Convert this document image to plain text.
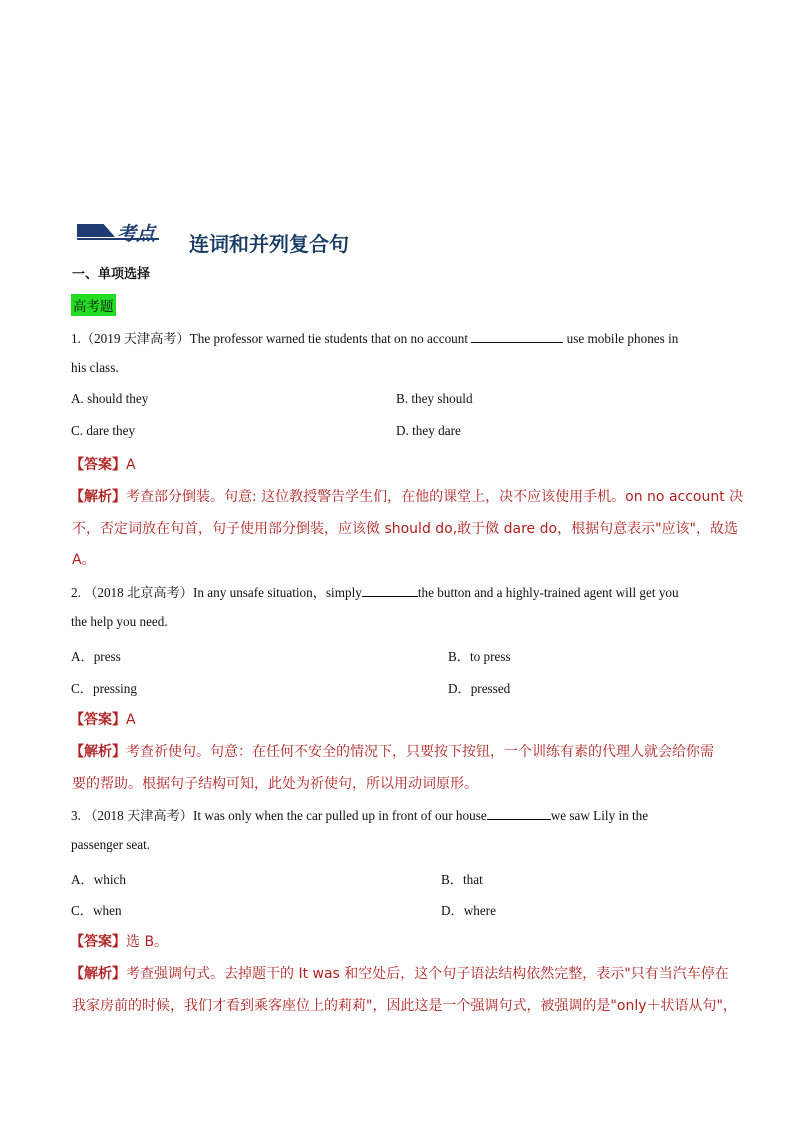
考点 连词和并列复合句
一、单项选择
高考题
1.（2019 天津高考）The professor warned tie students that on no account	use mobile phones in
his class.
A. should they	B. they should
C. dare they	D. they dare
【答案】A
【解析】考查部分倒装。句意: 这位教授警告学生们，在他的课堂上，决不应该使用手机。on no account 决
不，否定词放在句首，句子使用部分倒装，应该傚 should do,敢于傚 dare do，根据句意表示"应该"，故选
A。
2. （2018 北京高考）In any unsafe situation，simply	the button and a highly-trained agent will get you
the help you need.
A．press	B．to press
C．pressing	D．pressed
【答案】A
【解析】考查祈使句。句意：在任何不安全的情况下，只要按下按钮，一个训练有素的代理人就会给你需
要的帮助。根据句子结构可知，此处为祈使句，所以用动词原形。
3. （2018 天津高考）It was only when the car pulled up in front of our house	we saw Lily in the
passenger seat.
A．which	B．that
C．when	D．where
【答案】选 B。
【解析】考查强调句式。去掉题干的 It was 和空处后，这个句子语法结构依然完整，表示"只有当汽车停在
我家房前的时候，我们才看到乘客座位上的莉莉"，因此这是一个强调句式，被强调的是"only＋状语从句"，
